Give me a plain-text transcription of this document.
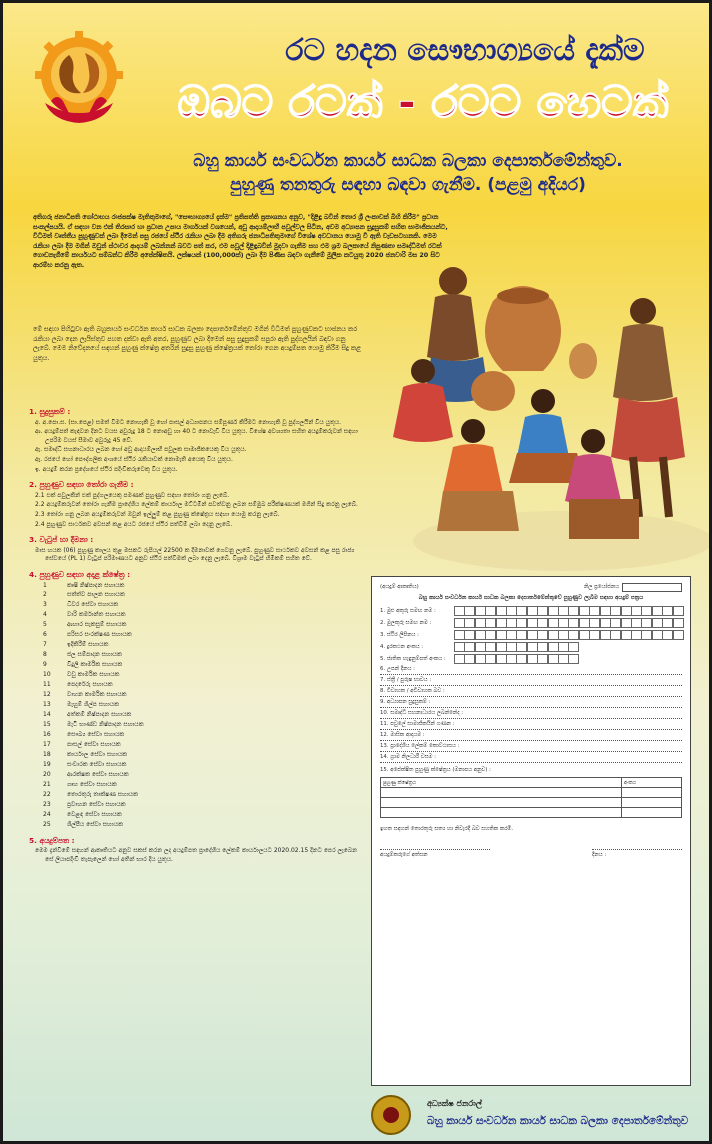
රට හදන සෞභාග්‍යයේ දැක්ම
ඔබට රටක් - රටට හෙටක්
බහු කාර්ය සංවර්ධන කාර්ය සාධක බලකා දෙපාර්තමේන්තුව.
පුහුණු තනතුරු සඳහා බඳවා ගැනීම. (පළමු අදියර)

අතිගරු ජනාධිපති ගෝඨාභය රාජපක්ෂ මැතිතුමාගේ, "සෞභාග්‍යයේ දැක්ම" ප්‍රතිපත්ති ප්‍රකාශනය අනුව, "දිළිඳු බවින් තොර ශ්‍රී ලංකාවක් බිහි කිරීම" ප්‍රධාන සංකල්පයයි. ඒ සඳහා වන එක් තිරසාර හා ප්‍රධාන උපාය මාර්ගයක් වශයෙන්, අඩු ආදායම්ලාභී පවුල්වල සිටින, අවම අධ්‍යාපන සුදුසුකම් සහිත සාමාජිකයන්ට, විධිමත් වෘත්තීය පුහුණුවක් ලබා දීමෙන් පසු රජයේ ස්ථිර රැකියා ලබා දීම අතිගරු ජනාධිපතිතුමාගේ විශේෂ අවධානය යොමු වී ඇති වැඩසටහනකි. මෙම රැකියා ලබා දීම මගින් ඔවුන් ස්ථාවර ආදායම් ලබන්නන් බවට පත් කර, එම පවුල් දිළිඳුබවින් මුදවා ගැනීම සහ එම ශ්‍රම බලකායේ නිපුණතා සමෘද්ධිමත් රටක් ගොඩනැගීමේ කාර්යයට සම්බන්ධ කිරීම අපේක්ෂිතයි. ලක්ෂයක් (100,000ක්) ලබා දීම පිණිස බඳවා ගැනීමේ මූලික කටයුතු 2020 ජනවාරි මස 20 සිට ආරම්භ කරනු ඇත.

මේ සඳහා පිහිටුවා ඇති බහුකාර්ය සංවර්ධන කාර්ය සාධක බලකා දෙපාර්තමේන්තුව මගින් විධිමත් පුහුණුවකට භාජනය කර රැකියා ලබා දෙන ලැයිස්තුව පහත දක්වා ඇති අතර, පුහුණුව ලබා දීමෙන් පසු සුදුසුකම් සපුරා ඇති පුද්ගලයින් බඳවා ගනු ලැබේ. මෙම නිවේදනයේ සඳහන් පුහුණු ක්ෂේත්‍ර අතරින් සුදුසු පුහුණු ක්ෂේත්‍රයක් තෝරා ගෙන අයදුම්පත යොමු කිරීම සිදු කළ යුතුය.

1. සුදුසුකම් :

අ. අ.පො.ස. (සා.පෙළ) සමත් වීමට නොහැකි වූ හෝ පාසල් අධ්‍යාපනය සම්පූර්ණ කිරීමට නොහැකි වූ පුද්ගලයින් විය යුතුය.

ආ. අයදුම්පත් කැඳවන දිනට වයස අවුරුදු 18 ට නොඅඩු හා 40 ට නොවැඩි විය යුතුය. විශේෂ අවශ්‍යතා සහිත අයදුම්කරුවන් සඳහා උපරිම වයස් සීමාව අවුරුදු 45 වේ.

ඇ. සමෘද්ධි සහනාධාරය ලබන හෝ අඩු ආදායම්ලාභී පවුලක සාමාජිකයෙකු විය යුතුය.

ඈ. රජයේ හෝ පෞද්ගලික අංශයේ ස්ථිර රැකියාවක් නොමැති අයෙකු විය යුතුය.

ඉ. අයදුම් කරන ප්‍රදේශයේ ස්ථිර පදිංචිකරුවෙකු විය යුතුය.

2. පුහුණුව සඳහා තෝරා ගැනීම :

2.1 එක් පවුලකින් එක් පුද්ගලයෙකු පමණක් පුහුණුව සඳහා තෝරා ගනු ලැබේ.

2.2 අයදුම්කරුවන් තෝරා ගැනීම ප්‍රාදේශීය ලේකම් කාර්යාල මට්ටමින් පවත්වනු ලබන සම්මුඛ පරීක්ෂණයක් මගින් සිදු කරනු ලැබේ.

2.3 තෝරා ගනු ලබන අයදුම්කරුවන් ඔවුන් ඉල්ලුම් කළ පුහුණු ක්ෂේත්‍රය සඳහා යොමු කරනු ලැබේ.

2.4 පුහුණුව සාර්ථකව අවසන් කළ අයට රජයේ ස්ථිර පත්වීම් ලබා දෙනු ලැබේ.

3. වැටුප් හා දීමනා :

මාස හයක (06) පුහුණු කාලය තුළ මසකට රුපියල් 22500 ක දීමනාවක් ගෙවනු ලැබේ. පුහුණුව සාර්ථකව අවසන් කළ පසු රාජ්‍ය සේවයේ (PL 1) වැටුප් පරිමාණයට අනුව ස්ථිර පත්වීමක් ලබා දෙනු ලැබේ. විශ්‍රාම වැටුප් හිමිකම් සහිත වේ.

4. පුහුණුව සඳහා අදාළ ක්ෂේත්‍ර :
1	කෘෂි නිෂ්පාදන සහායක
2	සත්ත්ව පාලන සහායක
3	ධීවර සේවා සහායක
4	වාරි කර්මාන්ත සහායක
5	ආහාර සැකසුම් සහායක
6	පරිසර සංරක්ෂණ සහායක
7	ඉදිකිරීම් සහායක
8	ජල සම්පාදන සහායක
9	විදුලි කාර්මික සහායක
10	වඩු කාර්මික සහායක
11	පෙදරේරු සහායක
12	වාහන කාර්මික සහායක
13	මැහුම් ශිල්ප සහායක
14	අත්කම් නිෂ්පාදන සහායක
15	මැටි භාණ්ඩ නිෂ්පාදන සහායක
16	සෞඛ්‍ය සේවා සහායක
17	පාසල් සේවා සහායක
18	කාර්යාල සේවා සහායක
19	සංචාරක සේවා සහායක
20	ආරක්ෂක සේවා සහායක
21	ගෘහ සේවා සහායක
22	තොරතුරු තාක්ෂණ සහායක
23	ප්‍රවාහන සේවා සහායක
24	වෙළඳ සේවා සහායක
25	ශිල්පීය සේවා සහායක
5. අයදුම්පත :

මෙම දැන්වීමේ සඳහන් ආකෘතියට අනුව සකස් කරන ලද අයදුම්පත ප්‍රාදේශීය ලේකම් කාර්යාලයට 2020.02.15 දිනට පෙර ලැබෙන සේ ලියාපදිංචි තැපෑලෙන් හෝ අතින් භාර දිය යුතුය.

(අයදුම් ආකෘතිය)	නිල ප්‍රයෝජනය
බහු කාර්ය සංවර්ධන කාර්ය සාධක බලකා දෙපාර්තමේන්තුවේ පුහුණුව ලැබීම සඳහා අයදුම් පත්‍රය
1. මුළු අකුරු සමඟ නම :
2. මුලකුරු සමඟ නම :
3. ස්ථිර ලිපිනය :
4. දුරකථන අංකය :
5. ජාතික හැඳුනුම්පත් අංකය :
6. උපන් දිනය :
7. ස්ත්‍රී / පුරුෂ භාවය :
8. විවාහක / අවිවාහක බව :
9. අධ්‍යාපන සුදුසුකම් :
10. සමෘද්ධි සහනාධාරය ලබන්නේද :
11. පවුලේ සාමාජිකයින් ගණන :
12. මාසික ආදායම :
13. ප්‍රාදේශීය ලේකම් කොට්ඨාසය :
14. ග්‍රාම නිලධාරී වසම :
15. අපේක්ෂිත පුහුණු ක්ෂේත්‍රය (මනාපය අනුව) :
පුහුණු ක්ෂේත්‍රය	අංකය

ඉහත සඳහන් තොරතුරු සත්‍ය හා නිවැරදි බව සහතික කරමි.

අයදුම්කරුගේ අත්සන	දිනය :
අධ්‍යක්ෂ ජනරාල්
බහු කාර්ය සංවර්ධන කාර්ය සාධක බලකා දෙපාර්තමේන්තුව
